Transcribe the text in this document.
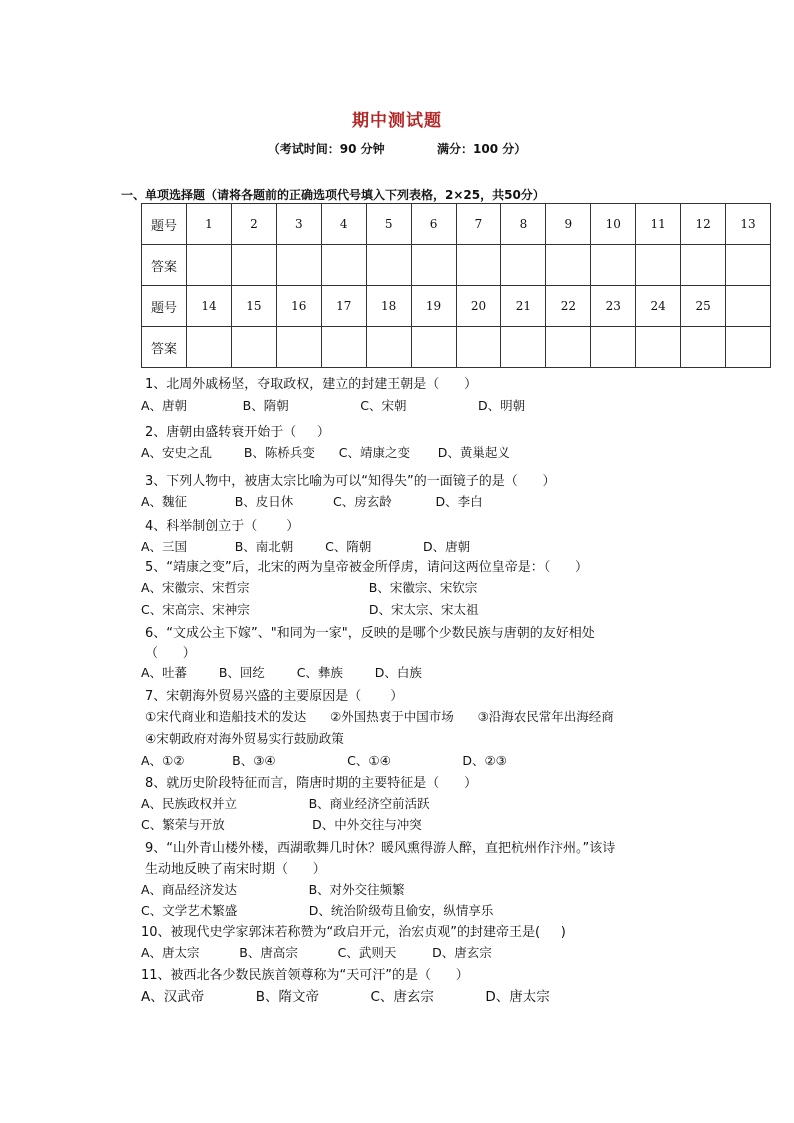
期中测试题
（考试时间：90 分钟	满分：100 分）
一、单项选择题（请将各题前的正确选项代号填入下列表格，2×25，共50分）
题号	1	2	3	4	5	6	7	8	9	10	11	12	13
答案													
题号	14	15	16	17	18	19	20	21	22	23	24	25	
答案													
1、北周外戚杨坚，夺取政权，建立的封建王朝是（      ）
A、唐朝              B、隋朝                  C、宋朝                  D、明朝
2、唐朝由盛转衰开始于（     ）
A、安史之乱        B、陈桥兵变      C、靖康之变       D、黄巢起义
3、下列人物中，被唐太宗比喻为可以“知得失”的一面镜子的是（      ）
A、魏征            B、皮日休          C、房玄龄           D、李白
4、科举制创立于（       ）
A、三国            B、南北朝        C、隋朝             D、唐朝
5、“靖康之变”后，北宋的两为皇帝被金所俘虏，请问这两位皇帝是：（      ）
A、宋徽宗、宋哲宗                              B、宋徽宗、宋钦宗
C、宋高宗、宋神宗                              D、宋太宗、宋太祖
6、“文成公主下嫁”、"和同为一家"，反映的是哪个少数民族与唐朝的友好相处
（      ）
A、吐蕃        B、回纥        C、彝族        D、白族
7、宋朝海外贸易兴盛的主要原因是（       ）
①宋代商业和造船技术的发达      ②外国热衷于中国市场      ③沿海农民常年出海经商
④宋朝政府对海外贸易实行鼓励政策
A、①②            B、③④                  C、①④                  D、②③
8、就历史阶段特征而言，隋唐时期的主要特征是（      ）
A、民族政权并立                  B、商业经济空前活跃
C、繁荣与开放                      D、中外交往与冲突
9、“山外青山楼外楼，西湖歌舞几时休？暖风熏得游人醉，直把杭州作汴州。”该诗
生动地反映了南宋时期（      ）
A、商品经济发达                  B、对外交往频繁
C、文学艺术繁盛                  D、统治阶级苟且偷安，纵情享乐
10、被现代史学家郭沫若称赞为“政启开元，治宏贞观”的封建帝王是(     )
A、唐太宗          B、唐高宗          C、武则天         D、唐玄宗
11、被西北各少数民族首领尊称为“天可汗”的是（      ）
A、汉武帝            B、隋文帝            C、唐玄宗            D、唐太宗
